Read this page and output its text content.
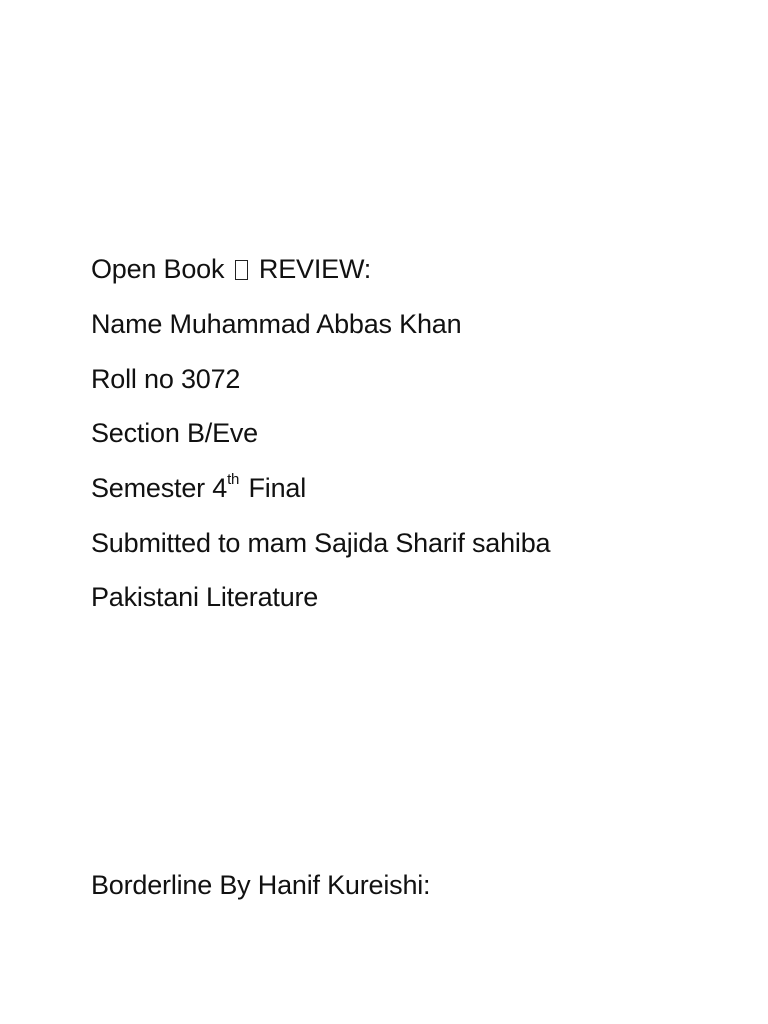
Open Book REVIEW:
Name Muhammad Abbas Khan
Roll no 3072
Section B/Eve
Semester 4th Final
Submitted to mam Sajida Sharif sahiba
Pakistani Literature
Borderline By Hanif Kureishi:
